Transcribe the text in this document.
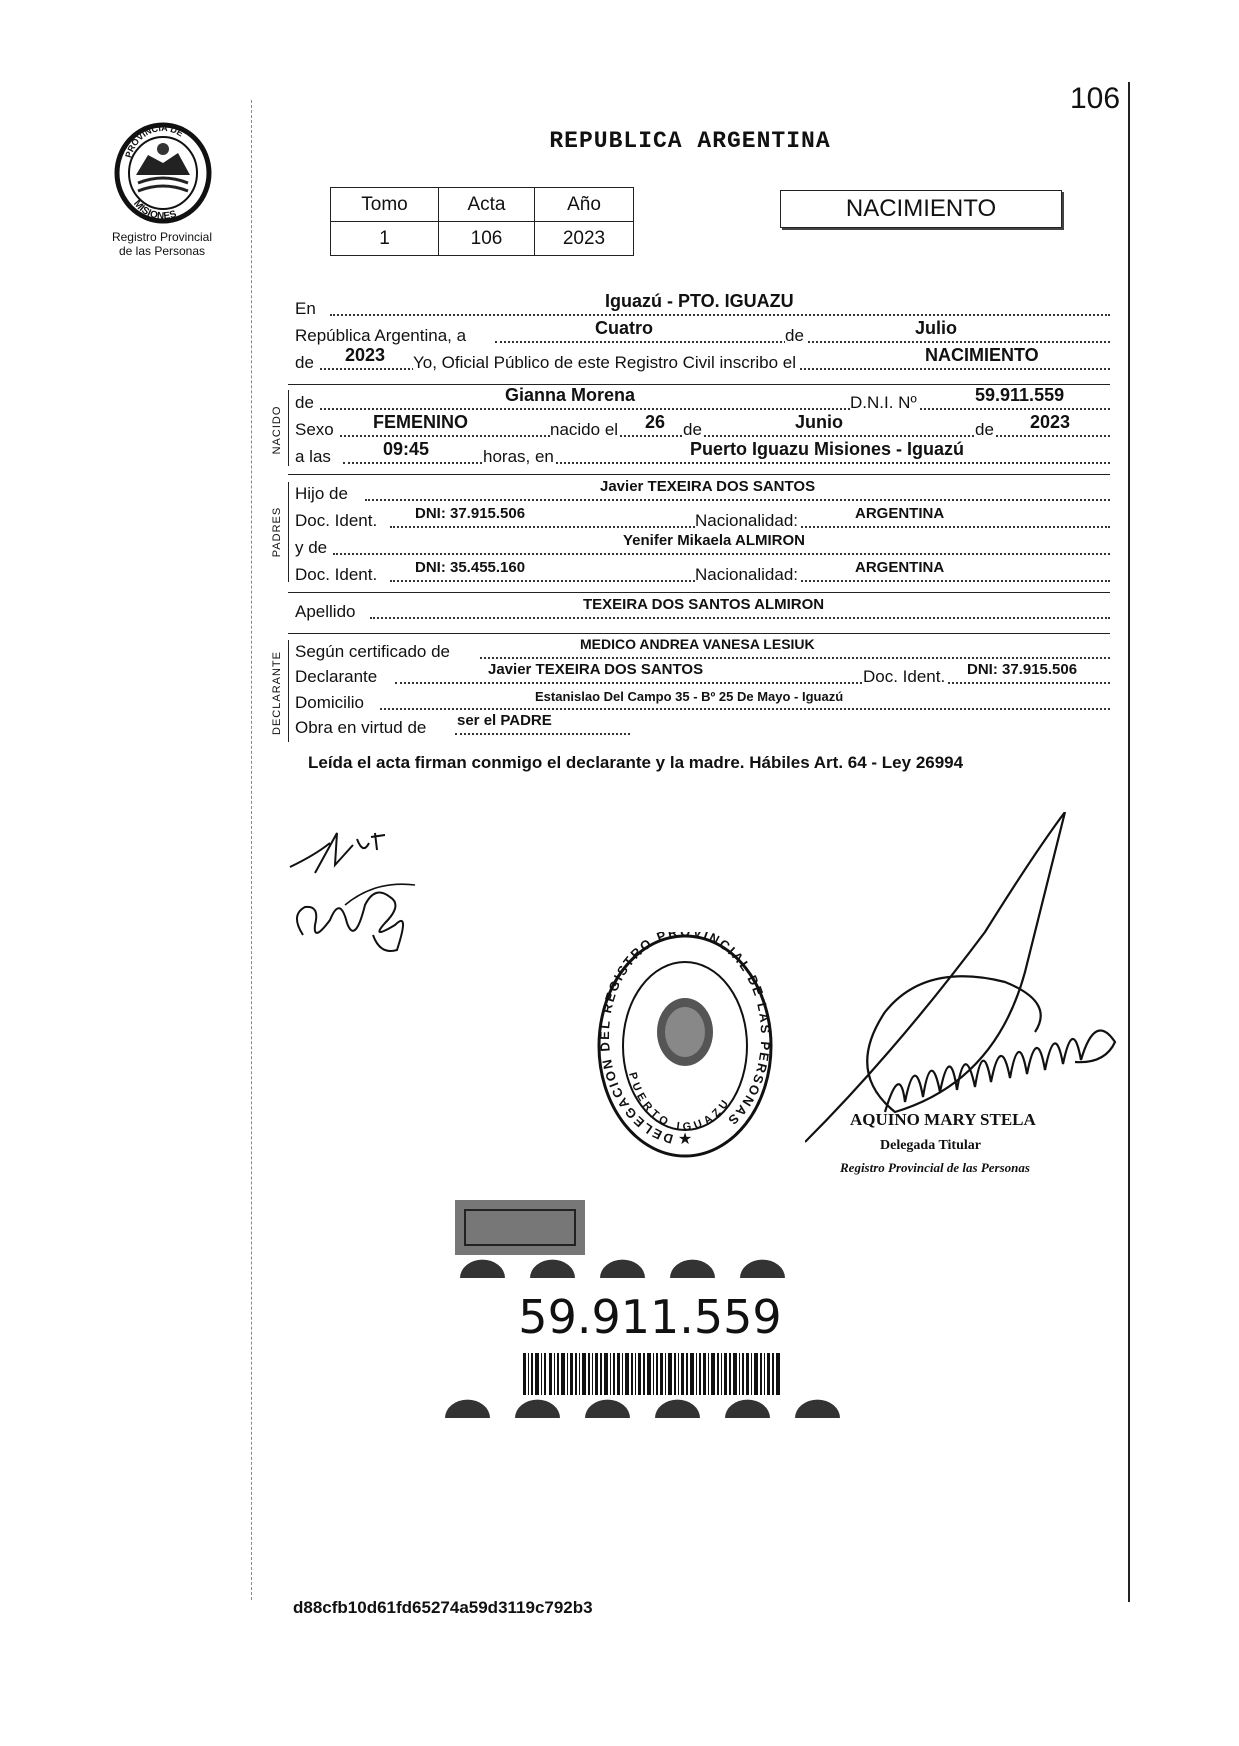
106
PROVINCIA DE
MISIONES
Registro Provincial
de las Personas
REPUBLICA ARGENTINA
Tomo	Acta	Año
1	106	2023
NACIMIENTO
En	Iguazú - PTO. IGUAZU
República Argentina, a	Cuatro	de	Julio
de 2023 Yo, Oficial Público de este Registro Civil inscribo el	NACIMIENTO
NACIDO
de	Gianna Morena	D.N.I. Nº	59.911.559
Sexo FEMENINO	nacido el 26 de	Junio	de 2023
a las	09:45	horas, en	Puerto Iguazu Misiones - Iguazú
PADRES
Hijo de	Javier TEXEIRA DOS SANTOS
Doc. Ident.	DNI: 37.915.506	Nacionalidad:	ARGENTINA
y de	Yenifer Mikaela ALMIRON
Doc. Ident.	DNI: 35.455.160	Nacionalidad:	ARGENTINA
Apellido	TEXEIRA DOS SANTOS ALMIRON
DECLARANTE Según certificado de	MEDICO ANDREA VANESA LESIUK
Declarante	Javier TEXEIRA DOS SANTOS	Doc. Ident. DNI: 37.915.506
Domicilio	Estanislao Del Campo 35 - Bº 25 De Mayo - Iguazú
Obra en virtud de ser el PADRE
Leída el acta firman conmigo el declarante y la madre. Hábiles Art. 64 - Ley 26994
DELEGACION DEL REGISTRO PR VINCIAL DE LAS PERSONAS
PUERTO IGUAZU
★
AQUINO MARY STELA
Delegada Titular
Registro Provincial de las Personas
59.911.559
d88cfb10d61fd65274a59d3119c792b3
